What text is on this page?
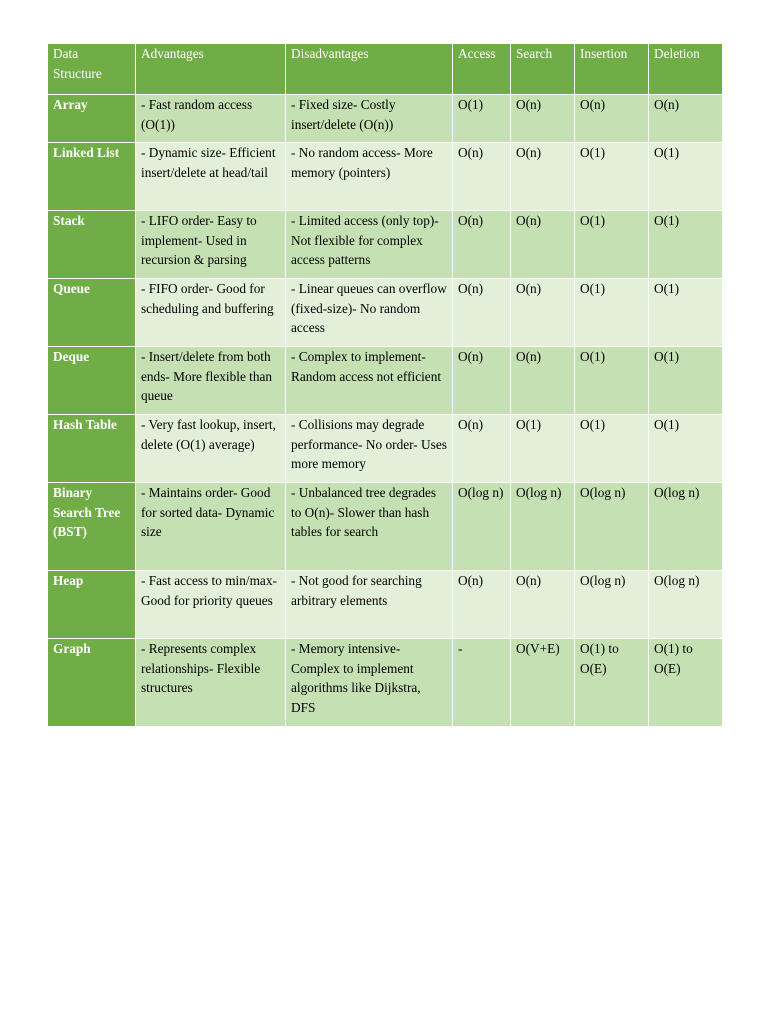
Data Structure	Advantages	Disadvantages	Access	Search	Insertion	Deletion
Array	- Fast random access (O(1))	- Fixed size- Costly insert/delete (O(n))	O(1)	O(n)	O(n)	O(n)
Linked List	- Dynamic size- Efficient insert/delete at head/tail	- No random access- More memory (pointers)	O(n)	O(n)	O(1)	O(1)
Stack	- LIFO order- Easy to implement- Used in recursion & parsing	- Limited access (only top)- Not flexible for complex access patterns	O(n)	O(n)	O(1)	O(1)
Queue	- FIFO order- Good for scheduling and buffering	- Linear queues can overflow (fixed-size)- No random access	O(n)	O(n)	O(1)	O(1)
Deque	- Insert/delete from both ends- More flexible than queue	- Complex to implement- Random access not efficient	O(n)	O(n)	O(1)	O(1)
Hash Table	- Very fast lookup, insert, delete (O(1) average)	- Collisions may degrade performance- No order- Uses more memory	O(n)	O(1)	O(1)	O(1)
Binary Search Tree (BST)	- Maintains order- Good for sorted data- Dynamic size	- Unbalanced tree degrades to O(n)- Slower than hash tables for search	O(log n)	O(log n)	O(log n)	O(log n)
Heap	- Fast access to min/max- Good for priority queues	- Not good for searching arbitrary elements	O(n)	O(n)	O(log n)	O(log n)
Graph	- Represents complex relationships- Flexible structures	- Memory intensive- Complex to implement algorithms like Dijkstra, DFS	-	O(V+E)	O(1) to O(E)	O(1) to O(E)
